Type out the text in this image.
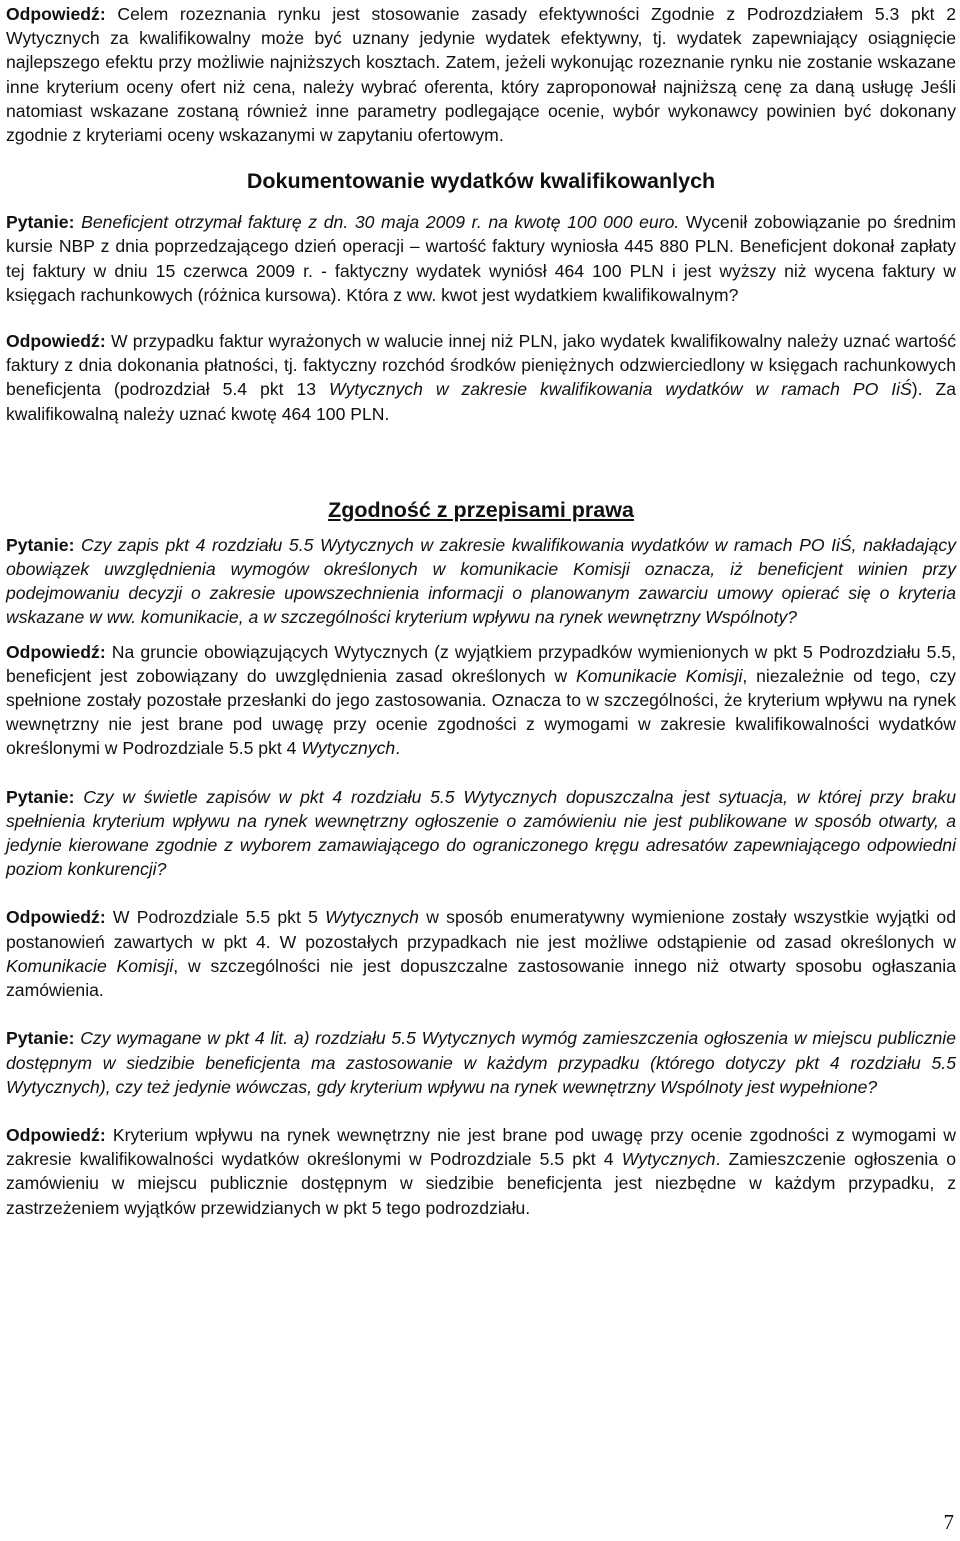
Odpowiedź: Celem rozeznania rynku jest stosowanie zasady efektywności Zgodnie z Podrozdziałem 5.3 pkt 2 Wytycznych za kwalifikowalny może być uznany jedynie wydatek efektywny, tj. wydatek zapewniający osiągnięcie najlepszego efektu przy możliwie najniższych kosztach. Zatem, jeżeli wykonując rozeznanie rynku nie zostanie wskazane inne kryterium oceny ofert niż cena, należy wybrać oferenta, który zaproponował najniższą cenę za daną usługę Jeśli natomiast wskazane zostaną również inne parametry podlegające ocenie, wybór wykonawcy powinien być dokonany zgodnie z kryteriami oceny wskazanymi w zapytaniu ofertowym.

Dokumentowanie wydatków kwalifikowanlych

Pytanie: Beneficjent otrzymał fakturę z dn. 30 maja 2009 r. na kwotę 100 000 euro. Wycenił zobowiązanie po średnim kursie NBP z dnia poprzedzającego dzień operacji – wartość faktury wyniosła 445 880 PLN. Beneficjent dokonał zapłaty tej faktury w dniu 15 czerwca 2009 r. - faktyczny wydatek wyniósł 464 100 PLN i jest wyższy niż wycena faktury w księgach rachunkowych (różnica kursowa). Która z ww. kwot jest wydatkiem kwalifikowalnym?

Odpowiedź: W przypadku faktur wyrażonych w walucie innej niż PLN, jako wydatek kwalifikowalny należy uznać wartość faktury z dnia dokonania płatności, tj. faktyczny rozchód środków pieniężnych odzwierciedlony w księgach rachunkowych beneficjenta (podrozdział 5.4 pkt 13 Wytycznych w zakresie kwalifikowania wydatków w ramach PO IiŚ). Za kwalifikowalną należy uznać kwotę 464 100 PLN.

Zgodność z przepisami prawa

Pytanie: Czy zapis pkt 4 rozdziału 5.5 Wytycznych w zakresie kwalifikowania wydatków w ramach PO IiŚ, nakładający obowiązek uwzględnienia wymogów określonych w komunikacie Komisji oznacza, iż beneficjent winien przy podejmowaniu decyzji o zakresie upowszechnienia informacji o planowanym zawarciu umowy opierać się o kryteria wskazane w ww. komunikacie, a w szczególności kryterium wpływu na rynek wewnętrzny Wspólnoty?

Odpowiedź: Na gruncie obowiązujących Wytycznych (z wyjątkiem przypadków wymienionych w pkt 5 Podrozdziału 5.5, beneficjent jest zobowiązany do uwzględnienia zasad określonych w Komunikacie Komisji, niezależnie od tego, czy spełnione zostały pozostałe przesłanki do jego zastosowania. Oznacza to w szczególności, że kryterium wpływu na rynek wewnętrzny nie jest brane pod uwagę przy ocenie zgodności z wymogami w zakresie kwalifikowalności wydatków określonymi w Podrozdziale 5.5 pkt 4 Wytycznych.

Pytanie: Czy w świetle zapisów w pkt 4 rozdziału 5.5 Wytycznych dopuszczalna jest sytuacja, w której przy braku spełnienia kryterium wpływu na rynek wewnętrzny ogłoszenie o zamówieniu nie jest publikowane w sposób otwarty, a jedynie kierowane zgodnie z wyborem zamawiającego do ograniczonego kręgu adresatów zapewniającego odpowiedni poziom konkurencji?

Odpowiedź: W Podrozdziale 5.5 pkt 5 Wytycznych w sposób enumeratywny wymienione zostały wszystkie wyjątki od postanowień zawartych w pkt 4. W pozostałych przypadkach nie jest możliwe odstąpienie od zasad określonych w Komunikacie Komisji, w szczególności nie jest dopuszczalne zastosowanie innego niż otwarty sposobu ogłaszania zamówienia.

Pytanie: Czy wymagane w pkt 4 lit. a) rozdziału 5.5 Wytycznych wymóg zamieszczenia ogłoszenia w miejscu publicznie dostępnym w siedzibie beneficjenta ma zastosowanie w każdym przypadku (którego dotyczy pkt 4 rozdziału 5.5 Wytycznych), czy też jedynie wówczas, gdy kryterium wpływu na rynek wewnętrzny Wspólnoty jest wypełnione?

Odpowiedź: Kryterium wpływu na rynek wewnętrzny nie jest brane pod uwagę przy ocenie zgodności z wymogami w zakresie kwalifikowalności wydatków określonymi w Podrozdziale 5.5 pkt 4 Wytycznych. Zamieszczenie ogłoszenia o zamówieniu w miejscu publicznie dostępnym w siedzibie beneficjenta jest niezbędne w każdym przypadku, z zastrzeżeniem wyjątków przewidzianych w pkt 5 tego podrozdziału.

7
